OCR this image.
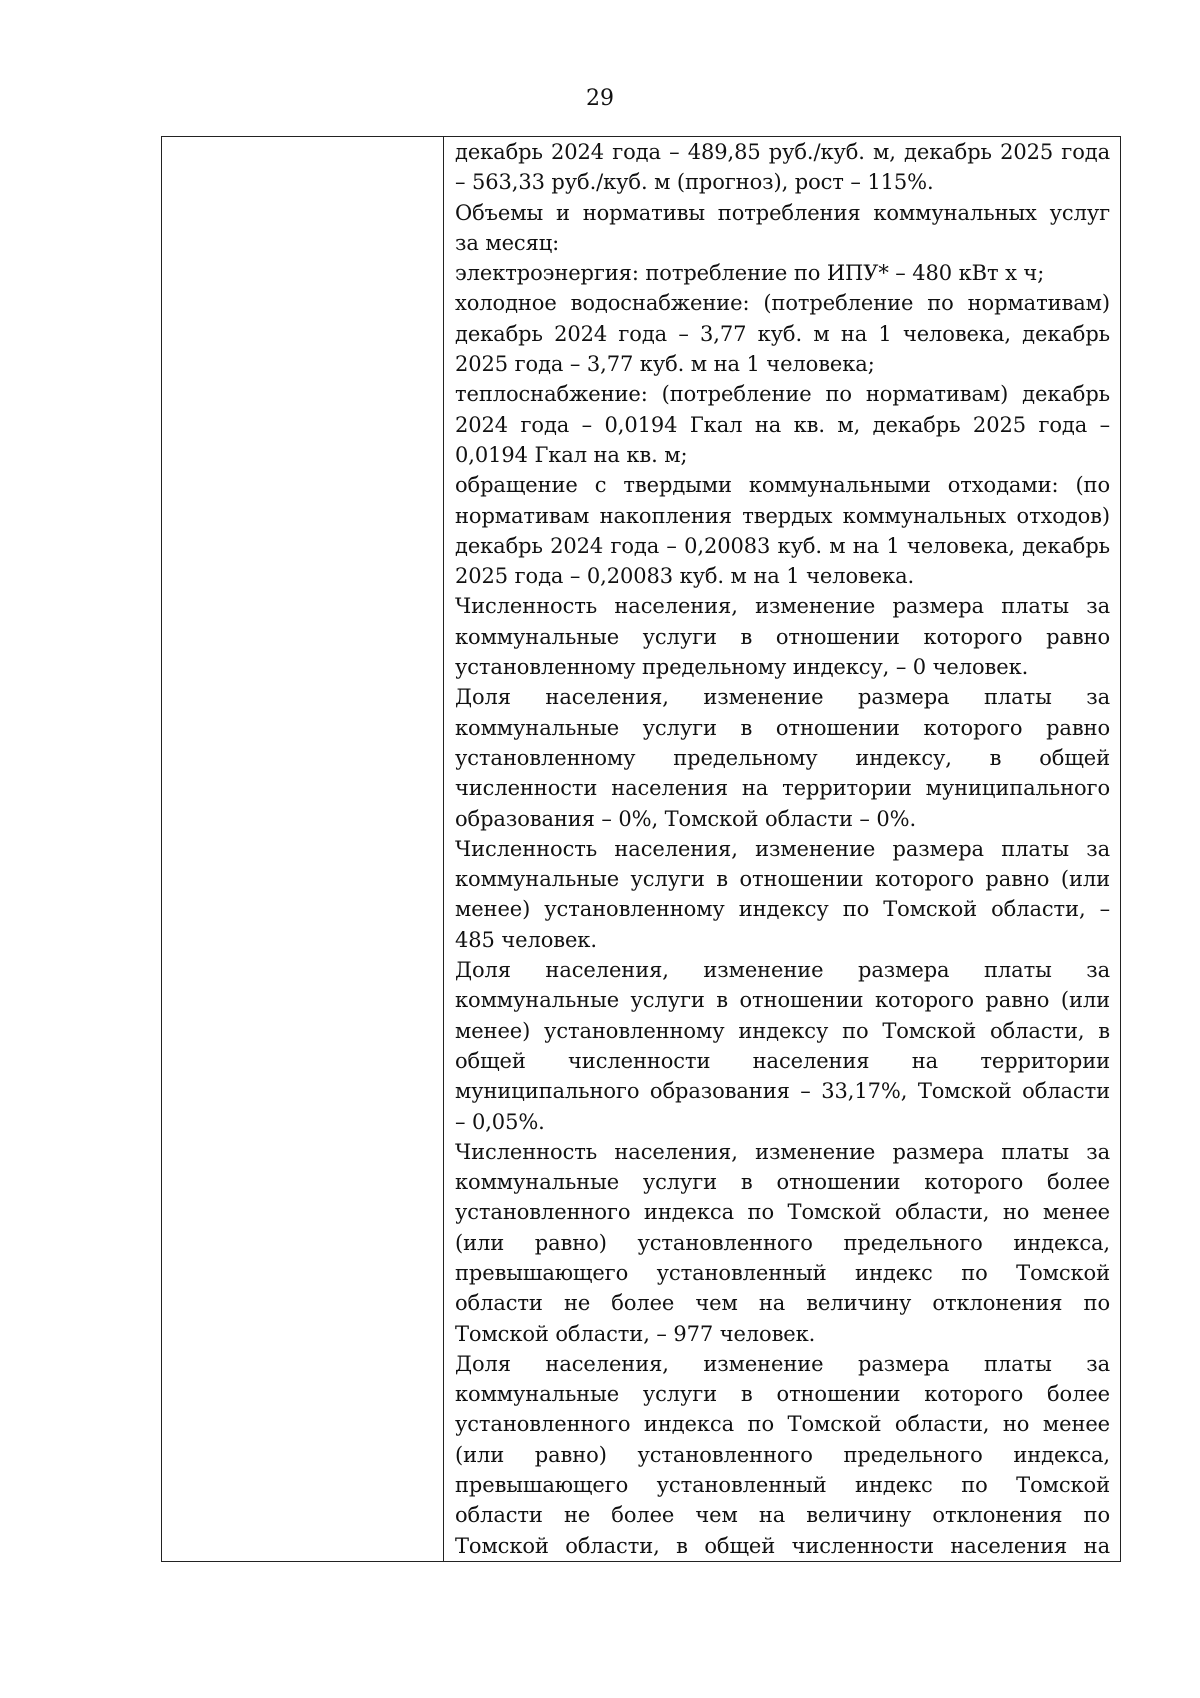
29
декабрь 2024 года – 489,85 руб./куб. м, декабрь 2025 года
– 563,33 руб./куб. м (прогноз), рост – 115%.
Объемы и нормативы потребления коммунальных услуг
за месяц:
электроэнергия: потребление по ИПУ* – 480 кВт х ч;
холодное водоснабжение: (потребление по нормативам)
декабрь 2024 года – 3,77 куб. м на 1 человека, декабрь
2025 года – 3,77 куб. м на 1 человека;
теплоснабжение: (потребление по нормативам) декабрь
2024 года – 0,0194 Гкал на кв. м, декабрь 2025 года –
0,0194 Гкал на кв. м;
обращение с твердыми коммунальными отходами: (по
нормативам накопления твердых коммунальных отходов)
декабрь 2024 года – 0,20083 куб. м на 1 человека, декабрь
2025 года – 0,20083 куб. м на 1 человека.
Численность населения, изменение размера платы за
коммунальные услуги в отношении которого равно
установленному предельному индексу, – 0 человек.
Доля населения, изменение размера платы за
коммунальные услуги в отношении которого равно
установленному предельному индексу, в общей
численности населения на территории муниципального
образования – 0%, Томской области – 0%.
Численность населения, изменение размера платы за
коммунальные услуги в отношении которого равно (или
менее) установленному индексу по Томской области, –
485 человек.
Доля населения, изменение размера платы за
коммунальные услуги в отношении которого равно (или
менее) установленному индексу по Томской области, в
общей численности населения на территории
муниципального образования – 33,17%, Томской области
– 0,05%.
Численность населения, изменение размера платы за
коммунальные услуги в отношении которого более
установленного индекса по Томской области, но менее
(или равно) установленного предельного индекса,
превышающего установленный индекс по Томской
области не более чем на величину отклонения по
Томской области, – 977 человек.
Доля населения, изменение размера платы за
коммунальные услуги в отношении которого более
установленного индекса по Томской области, но менее
(или равно) установленного предельного индекса,
превышающего установленный индекс по Томской
области не более чем на величину отклонения по
Томской области, в общей численности населения на
